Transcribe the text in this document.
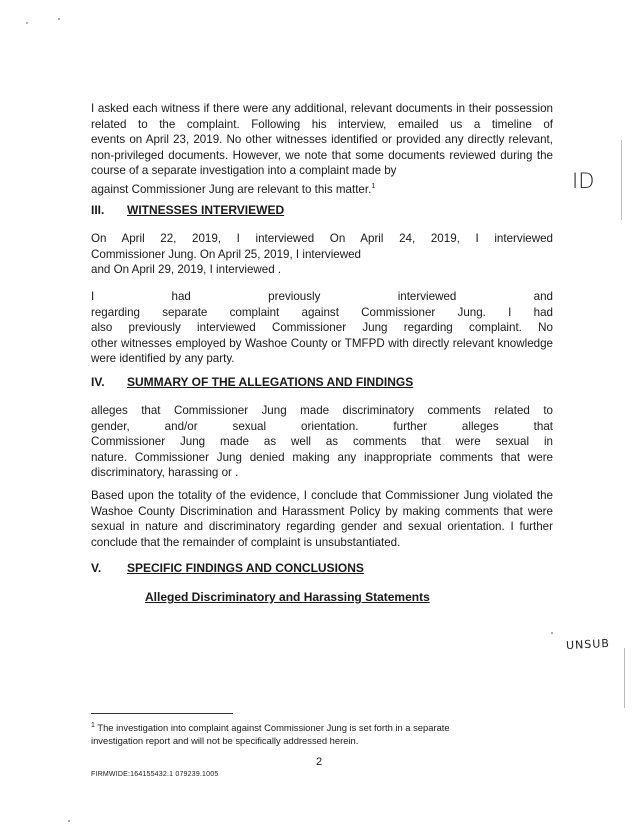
I asked each witness if there were any additional, relevant documents in their possession

related to the complaint. Following his interview, emailed us a timeline of

events on April 23, 2019. No other witnesses identified or provided any directly relevant,

non-privileged documents. However, we note that some documents reviewed during the

course of a separate investigation into a complaint made by

against Commissioner Jung are relevant to this matter.$^1$

III. WITNESSES INTERVIEWED

On April 22, 2019, I interviewed On April 24, 2019, I interviewed

Commissioner Jung. On April 25, 2019, I interviewed

and On April 29, 2019, I interviewed .

I had previously interviewed and

regarding separate complaint against Commissioner Jung. I had

also previously interviewed Commissioner Jung regarding complaint. No

other witnesses employed by Washoe County or TMFPD with directly relevant knowledge

were identified by any party.

IV. SUMMARY OF THE ALLEGATIONS AND FINDINGS

alleges that Commissioner Jung made discriminatory comments related to

gender, and/or sexual orientation. further alleges that

Commissioner Jung made as well as comments that were sexual in

nature. Commissioner Jung denied making any inappropriate comments that were

discriminatory, harassing or .

Based upon the totality of the evidence, I conclude that Commissioner Jung violated the

Washoe County Discrimination and Harassment Policy by making comments that were

sexual in nature and discriminatory regarding gender and sexual orientation. I further

conclude that the remainder of complaint is unsubstantiated.

V. SPECIFIC FINDINGS AND CONCLUSIONS
Alleged Discriminatory and Harassing Statements

$^1$ The investigation into complaint against Commissioner Jung is set forth in a separate

investigation report and will not be specifically addressed herein.

2
FIRMWIDE:164155432.1 079239.1005
ID
UNSUB
